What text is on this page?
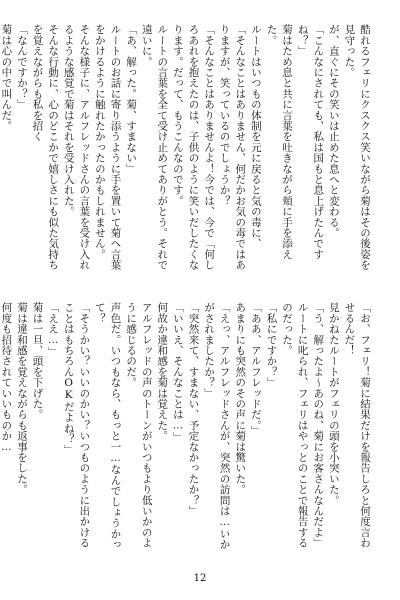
酷れるフェリにクスクス笑いながら菊はその後姿を見守った。

が、直ぐにその笑いは止めた息へと変わる。

「こんなにされても、私は国もと息上げたんですね？」

菊はため息と共に言葉を吐きながら頬に手を添えた。

ルートはいつもの体制を元に戻ると気の毒に、

「そんなことはありません、何だかお気の毒ではありますが、笑っているのでしょうか？

「そんなことはありませんよ！今では、今で「何しろあれを抱えたのは、子供のように笑いだしたくなります。だって、もうこんなのです。

ルートの言葉を全て受け止めてありがとう。それで遠いに。

「あ、解った。菊、すまない」

ルートのお話に寄り添うように手を置いて菊へ言葉をかけるように触れたかったのかもしれません。

そんな様子に、アルフレッドさんの言葉を受け入れるような感覚で菊はそれを受け入れた。

そんな行動に、心のどこかで嬉しさにも似た気持ちを覚えながらも私を招く

「なんですか？」

菊は心の中で叫んだ。

「お、フェリ！菊に結果だけを報告しろと何度言わせるんだ！

見かねたルートがフェリの頭を小突いた。

「う、解ったよ～あのね、菊にお客さんなんだよ」

ルートに叱られ、フェリはやっとのことで報告するのだった。

「私にですか？」

「ああ、アルフレッドだ。」

あまりにも突然のその声に菊は驚いた。

「えっ、アルフレッドさんが、突然の訪問は…いかがされましたか？」

「突然来て、すまない、予定なかったか？」

「いいえ、そんなことは…」

何故か違和感を菊は覚えた。

アルフレッドの声のトーンがいつもより低いかのように感じるのだ。

声色だ。いつもなら、もっと一…なんでしょうかって？

「そうかい？いいのかい？いつものように出かけることはもちろんOKだよね？」

「ええ…」

菊は一旦、頭を下げた。

菊は違和感を覚えながらも返事をした。

何度も招待されていいものか…

12
